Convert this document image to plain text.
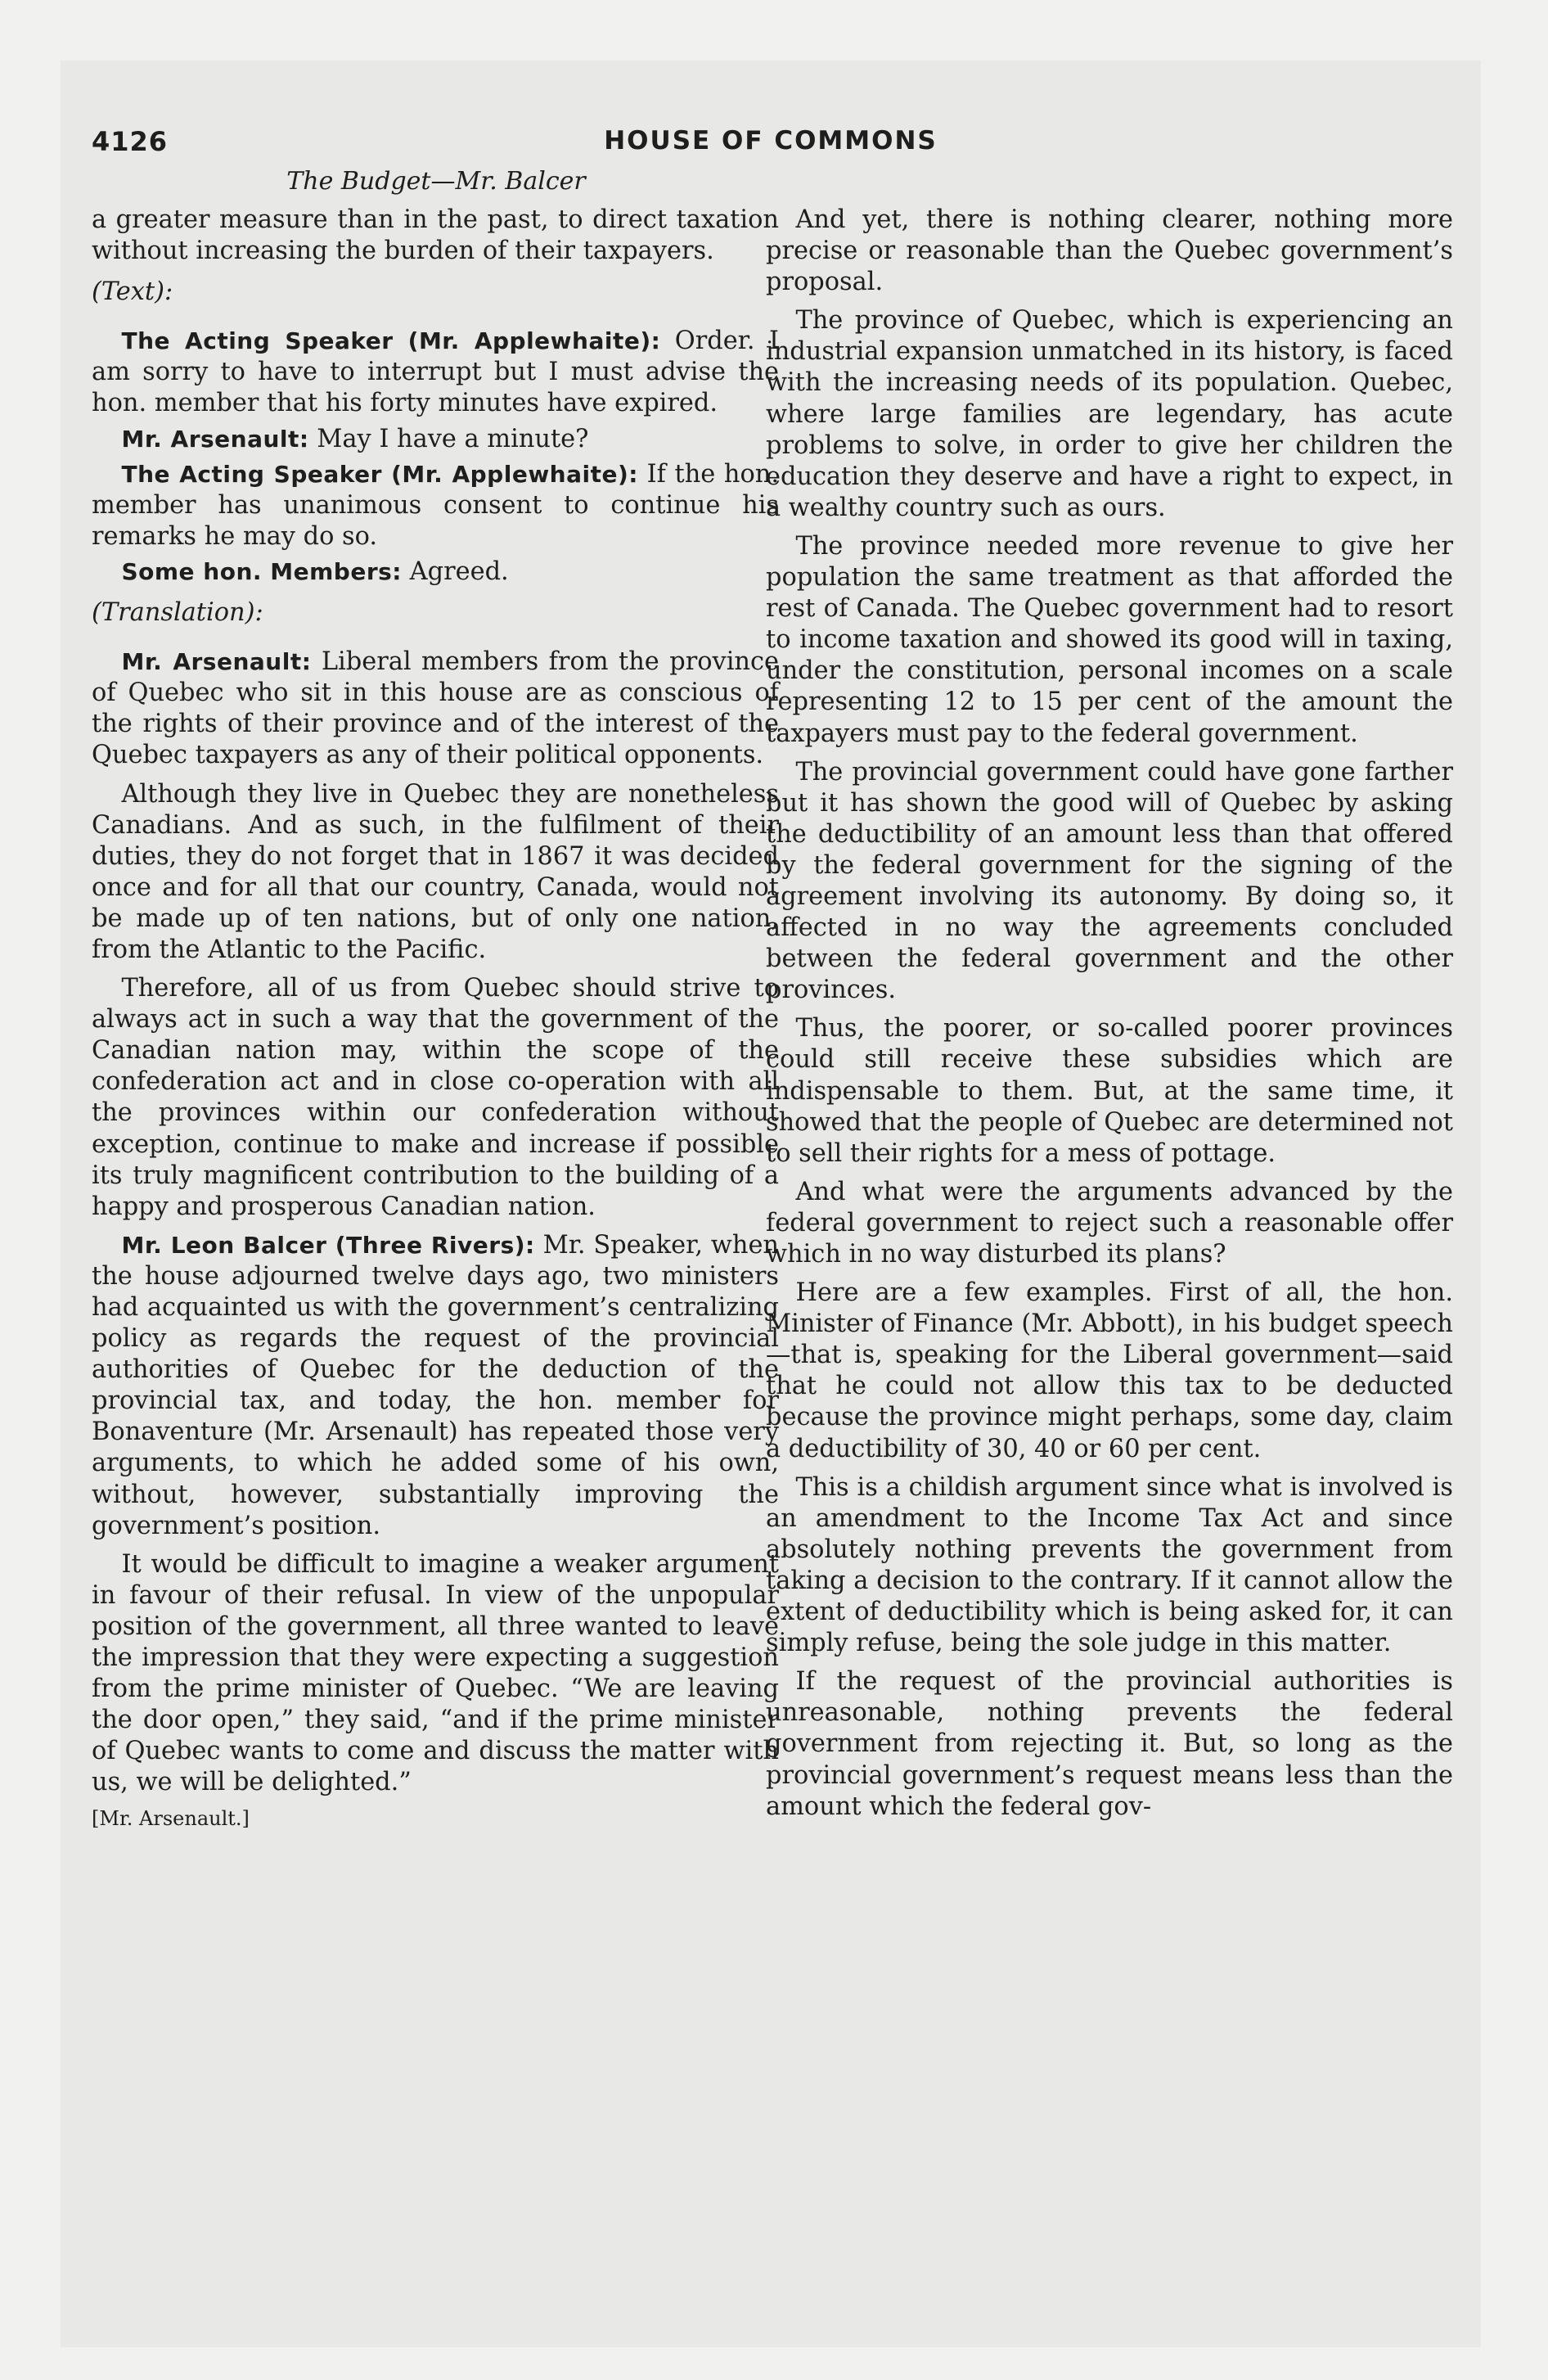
4126	HOUSE OF COMMONS
The Budget—Mr. Balcer

a greater measure than in the past, to direct taxation without increasing the burden of their taxpayers.

(Text):

The Acting Speaker (Mr. Applewhaite): Order. I am sorry to have to interrupt but I must advise the hon. member that his forty minutes have expired.

Mr. Arsenault: May I have a minute?

The Acting Speaker (Mr. Applewhaite): If the hon. member has unanimous consent to continue his remarks he may do so.

Some hon. Members: Agreed.

(Translation):

Mr. Arsenault: Liberal members from the province of Quebec who sit in this house are as conscious of the rights of their province and of the interest of the Quebec taxpayers as any of their political opponents.

Although they live in Quebec they are nonetheless Canadians. And as such, in the fulfilment of their duties, they do not forget that in 1867 it was decided once and for all that our country, Canada, would not be made up of ten nations, but of only one nation, from the Atlantic to the Pacific.

Therefore, all of us from Quebec should strive to always act in such a way that the government of the Canadian nation may, within the scope of the confederation act and in close co-operation with all the provinces within our confederation without exception, continue to make and increase if possible its truly magnificent contribution to the building of a happy and prosperous Canadian nation.

Mr. Leon Balcer (Three Rivers): Mr. Speaker, when the house adjourned twelve days ago, two ministers had acquainted us with the government’s centralizing policy as regards the request of the provincial authorities of Quebec for the deduction of the provincial tax, and today, the hon. member for Bonaventure (Mr. Arsenault) has repeated those very arguments, to which he added some of his own, without, however, substantially improving the government’s position.

It would be difficult to imagine a weaker argument in favour of their refusal. In view of the unpopular position of the government, all three wanted to leave the impression that they were expecting a suggestion from the prime minister of Quebec. “We are leaving the door open,” they said, “and if the prime minister of Quebec wants to come and discuss the matter with us, we will be delighted.”

[Mr. Arsenault.]

And yet, there is nothing clearer, nothing more precise or reasonable than the Quebec government’s proposal.

The province of Quebec, which is experiencing an industrial expansion unmatched in its history, is faced with the increasing needs of its population. Quebec, where large families are legendary, has acute problems to solve, in order to give her children the education they deserve and have a right to expect, in a wealthy country such as ours.

The province needed more revenue to give her population the same treatment as that afforded the rest of Canada. The Quebec government had to resort to income taxation and showed its good will in taxing, under the constitution, personal incomes on a scale representing 12 to 15 per cent of the amount the taxpayers must pay to the federal government.

The provincial government could have gone farther but it has shown the good will of Quebec by asking the deductibility of an amount less than that offered by the federal government for the signing of the agreement involving its autonomy. By doing so, it affected in no way the agreements concluded between the federal government and the other provinces.

Thus, the poorer, or so-called poorer provinces could still receive these subsidies which are indispensable to them. But, at the same time, it showed that the people of Quebec are determined not to sell their rights for a mess of pottage.

And what were the arguments advanced by the federal government to reject such a reasonable offer which in no way disturbed its plans?

Here are a few examples. First of all, the hon. Minister of Finance (Mr. Abbott), in his budget speech—that is, speaking for the Liberal government—said that he could not allow this tax to be deducted because the province might perhaps, some day, claim a deductibility of 30, 40 or 60 per cent.

This is a childish argument since what is involved is an amendment to the Income Tax Act and since absolutely nothing prevents the government from taking a decision to the contrary. If it cannot allow the extent of deductibility which is being asked for, it can simply refuse, being the sole judge in this matter.

If the request of the provincial authorities is unreasonable, nothing prevents the federal government from rejecting it. But, so long as the provincial government’s request means less than the amount which the federal gov-
